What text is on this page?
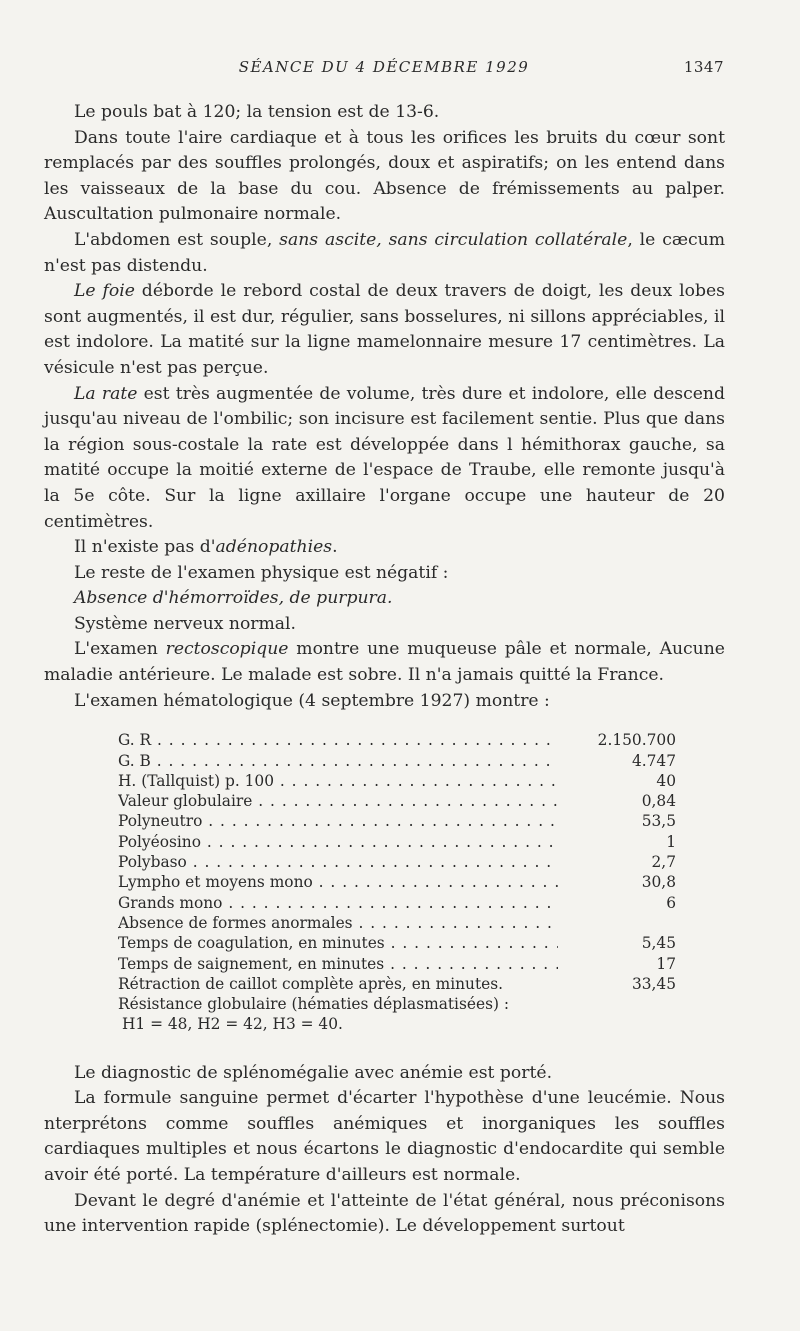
SÉANCE DU 4 DÉCEMBRE 1929	1347

Le pouls bat à 120; la tension est de 13-6.

Dans toute l'aire cardiaque et à tous les orifices les bruits du cœur sont remplacés par des souffles prolongés, doux et aspiratifs; on les entend dans les vaisseaux de la base du cou. Absence de frémissements au palper. Auscultation pulmonaire normale.

L'abdomen est souple, sans ascite, sans circulation collatérale, le cæcum n'est pas distendu.

Le foie déborde le rebord costal de deux travers de doigt, les deux lobes sont augmentés, il est dur, régulier, sans bosselures, ni sillons appréciables, il est indolore. La matité sur la ligne mamelonnaire mesure 17 centimètres. La vésicule n'est pas perçue.

La rate est très augmentée de volume, très dure et indolore, elle descend jusqu'au niveau de l'ombilic; son incisure est facilement sentie. Plus que dans la région sous-costale la rate est développée dans l hémithorax gauche, sa matité occupe la moitié externe de l'espace de Traube, elle remonte jusqu'à la 5e côte. Sur la ligne axillaire l'organe occupe une hauteur de 20 centimètres.

Il n'existe pas d'adénopathies.

Le reste de l'examen physique est négatif :

Absence d'hémorroïdes, de purpura.

Système nerveux normal.

L'examen rectoscopique montre une muqueuse pâle et normale, Aucune maladie antérieure. Le malade est sobre. Il n'a jamais quitté la France.

L'examen hématologique (4 septembre 1927) montre :

G. R . . .	2.150.700
G. B . . .	4.747
H. (Tallquist) p. 100 . . .	40
Valeur globulaire . . .	0,84
Polyneutro . . .	53,5
Polyéosino . . .	1
Polybaso . . .	2,7
Lympho et moyens mono . . .	30,8
Grands mono . . .	6
Absence de formes anormales . . .
Temps de coagulation, en minutes . . .	5,45
Temps de saignement, en minutes . . .	17
Rétraction de caillot complète après, en minutes.	33,45
Résistance globulaire (hématies déplasmatisées) :
H1 = 48, H2 = 42, H3 = 40.

Le diagnostic de splénomégalie avec anémie est porté.

La formule sanguine permet d'écarter l'hypothèse d'une leucémie. Nous nterprétons comme souffles anémiques et inorganiques les souffles cardiaques multiples et nous écartons le diagnostic d'endocardite qui semble avoir été porté. La température d'ailleurs est normale.

Devant le degré d'anémie et l'atteinte de l'état général, nous préconisons une intervention rapide (splénectomie). Le développement surtout
